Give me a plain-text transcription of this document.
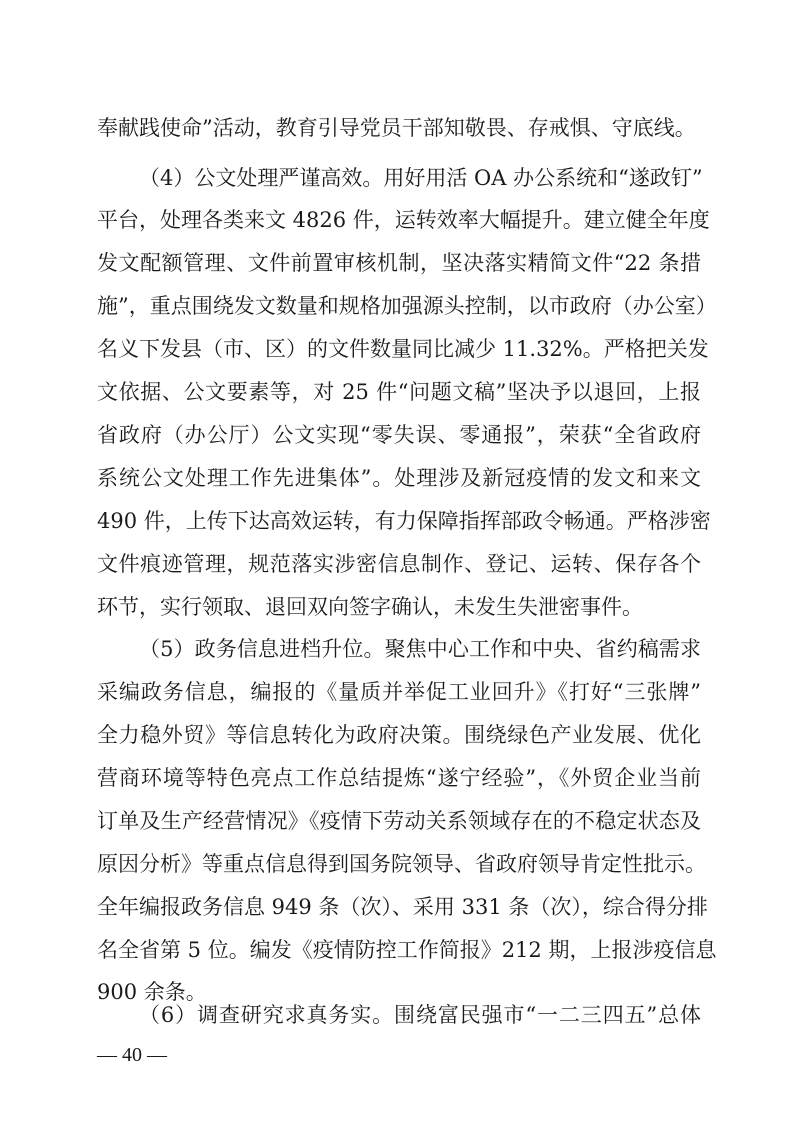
奉献践使命”活动，教育引导党员干部知敬畏、存戒惧、守底线。
（4）公文处理严谨高效。用好用活 OA 办公系统和“遂政钉”
平台，处理各类来文 4826 件，运转效率大幅提升。建立健全年度
发文配额管理、文件前置审核机制，坚决落实精简文件“22 条措
施”，重点围绕发文数量和规格加强源头控制，以市政府（办公室）
名义下发县（市、区）的文件数量同比减少 11.32%。严格把关发
文依据、公文要素等，对 25 件“问题文稿”坚决予以退回，上报
省政府（办公厅）公文实现“零失误、零通报”，荣获“全省政府
系统公文处理工作先进集体”。处理涉及新冠疫情的发文和来文
490 件，上传下达高效运转，有力保障指挥部政令畅通。严格涉密
文件痕迹管理，规范落实涉密信息制作、登记、运转、保存各个
环节，实行领取、退回双向签字确认，未发生失泄密事件。
（5）政务信息进档升位。聚焦中心工作和中央、省约稿需求
采编政务信息，编报的《量质并举促工业回升》《打好“三张牌”
全力稳外贸》等信息转化为政府决策。围绕绿色产业发展、优化
营商环境等特色亮点工作总结提炼“遂宁经验”，《外贸企业当前
订单及生产经营情况》《疫情下劳动关系领域存在的不稳定状态及
原因分析》等重点信息得到国务院领导、省政府领导肯定性批示。
全年编报政务信息 949 条（次）、采用 331 条（次），综合得分排
名全省第 5 位。编发《疫情防控工作简报》212 期，上报涉疫信息
900 余条。
（6）调查研究求真务实。围绕富民强市“一二三四五”总体
— 40 —
